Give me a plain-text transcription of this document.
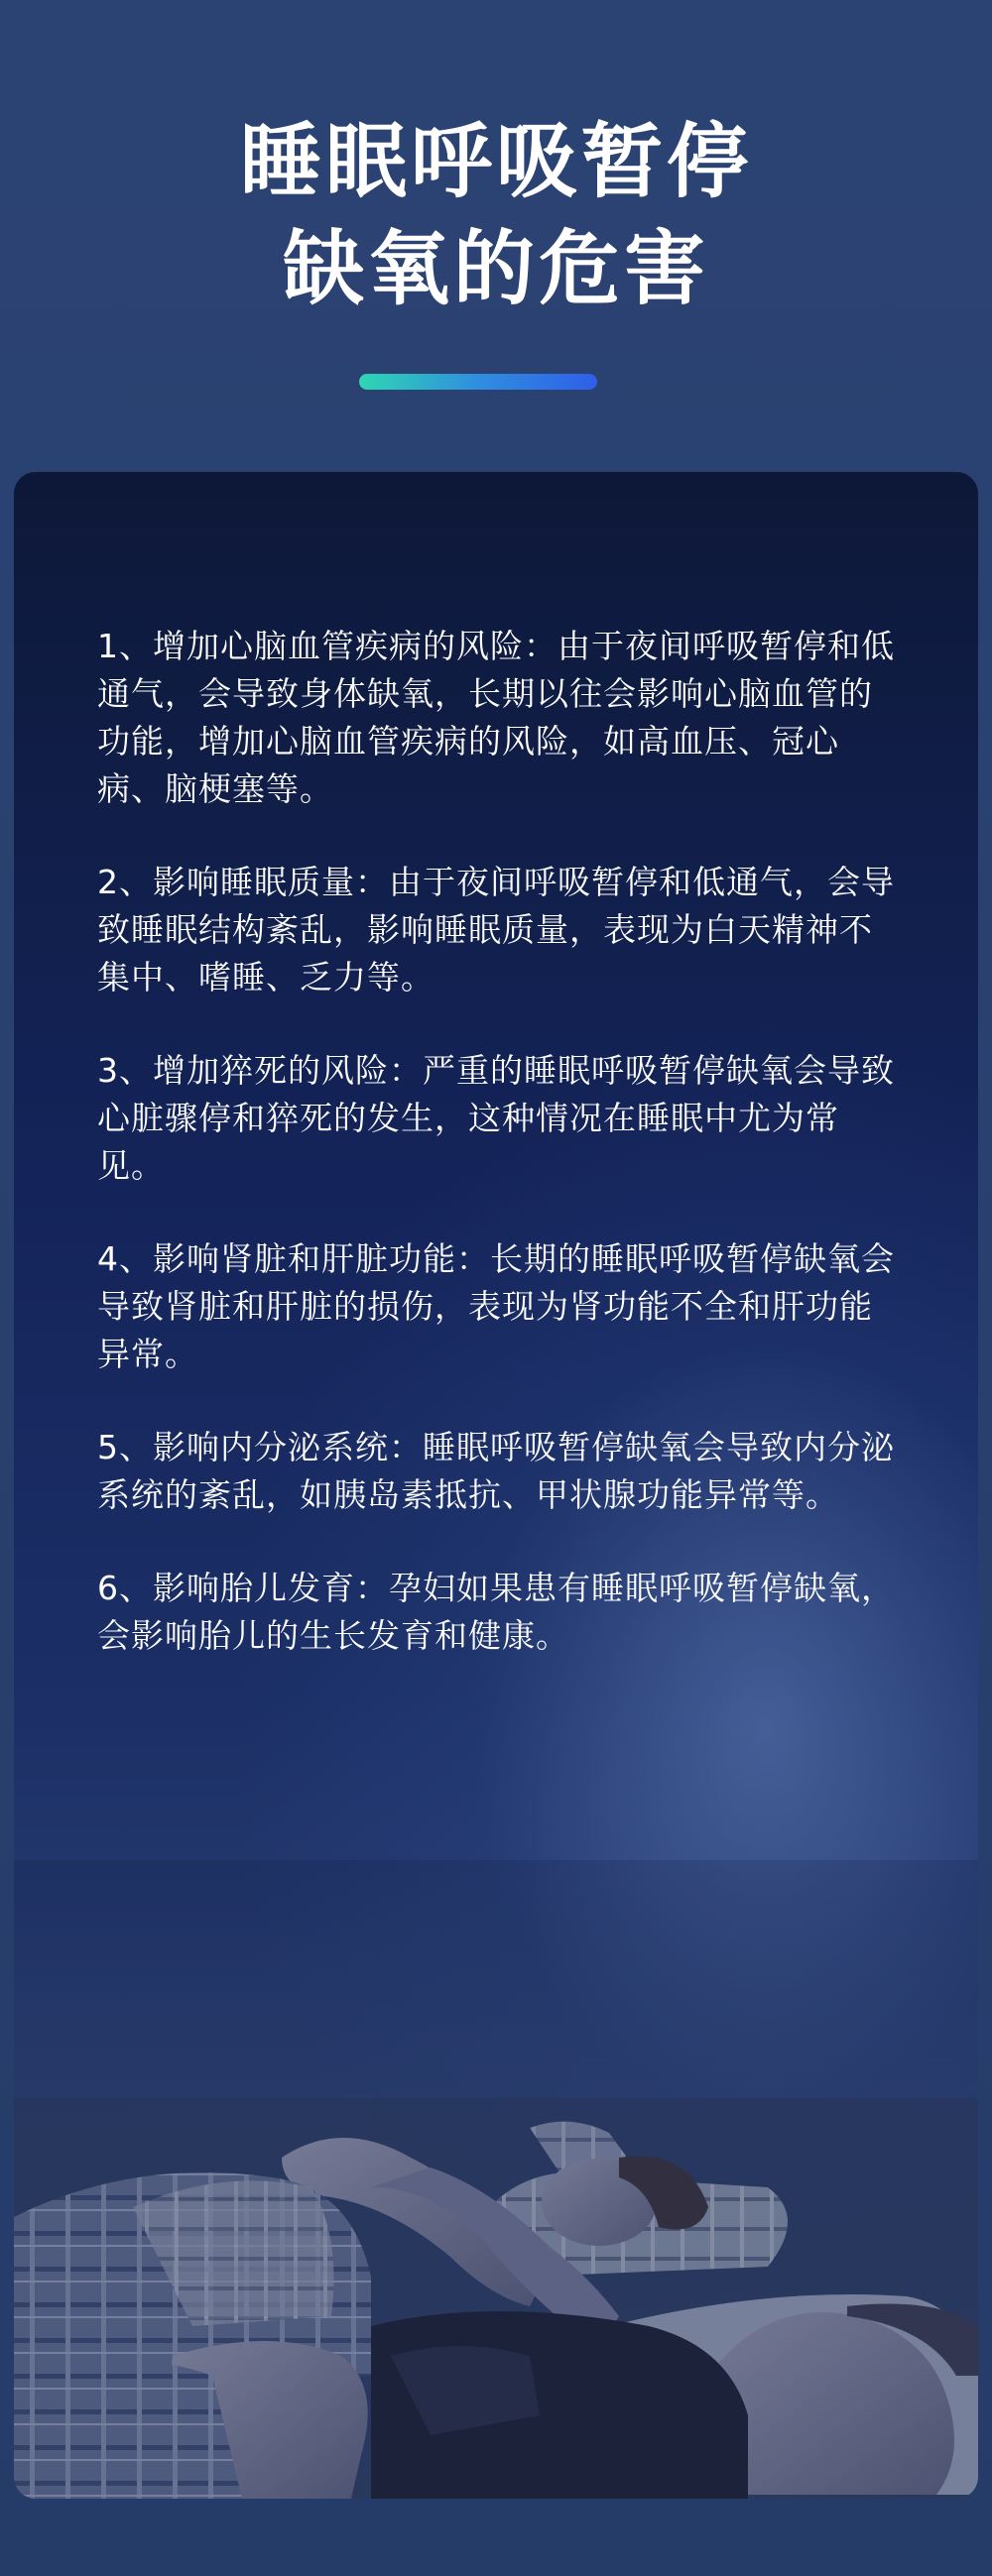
睡眠呼吸暂停
缺氧的危害

1、增加心脑血管疾病的风险：由于夜间呼吸暂停和低通气，会导致身体缺氧，长期以往会影响心脑血管的功能，增加心脑血管疾病的风险，如高血压、冠心病、脑梗塞等。

2、影响睡眠质量：由于夜间呼吸暂停和低通气，会导致睡眠结构紊乱，影响睡眠质量，表现为白天精神不集中、嗜睡、乏力等。

3、增加猝死的风险：严重的睡眠呼吸暂停缺氧会导致心脏骤停和猝死的发生，这种情况在睡眠中尤为常见。

4、影响肾脏和肝脏功能：长期的睡眠呼吸暂停缺氧会导致肾脏和肝脏的损伤，表现为肾功能不全和肝功能异常。

5、影响内分泌系统：睡眠呼吸暂停缺氧会导致内分泌系统的紊乱，如胰岛素抵抗、甲状腺功能异常等。

6、影响胎儿发育：孕妇如果患有睡眠呼吸暂停缺氧，会影响胎儿的生长发育和健康。
